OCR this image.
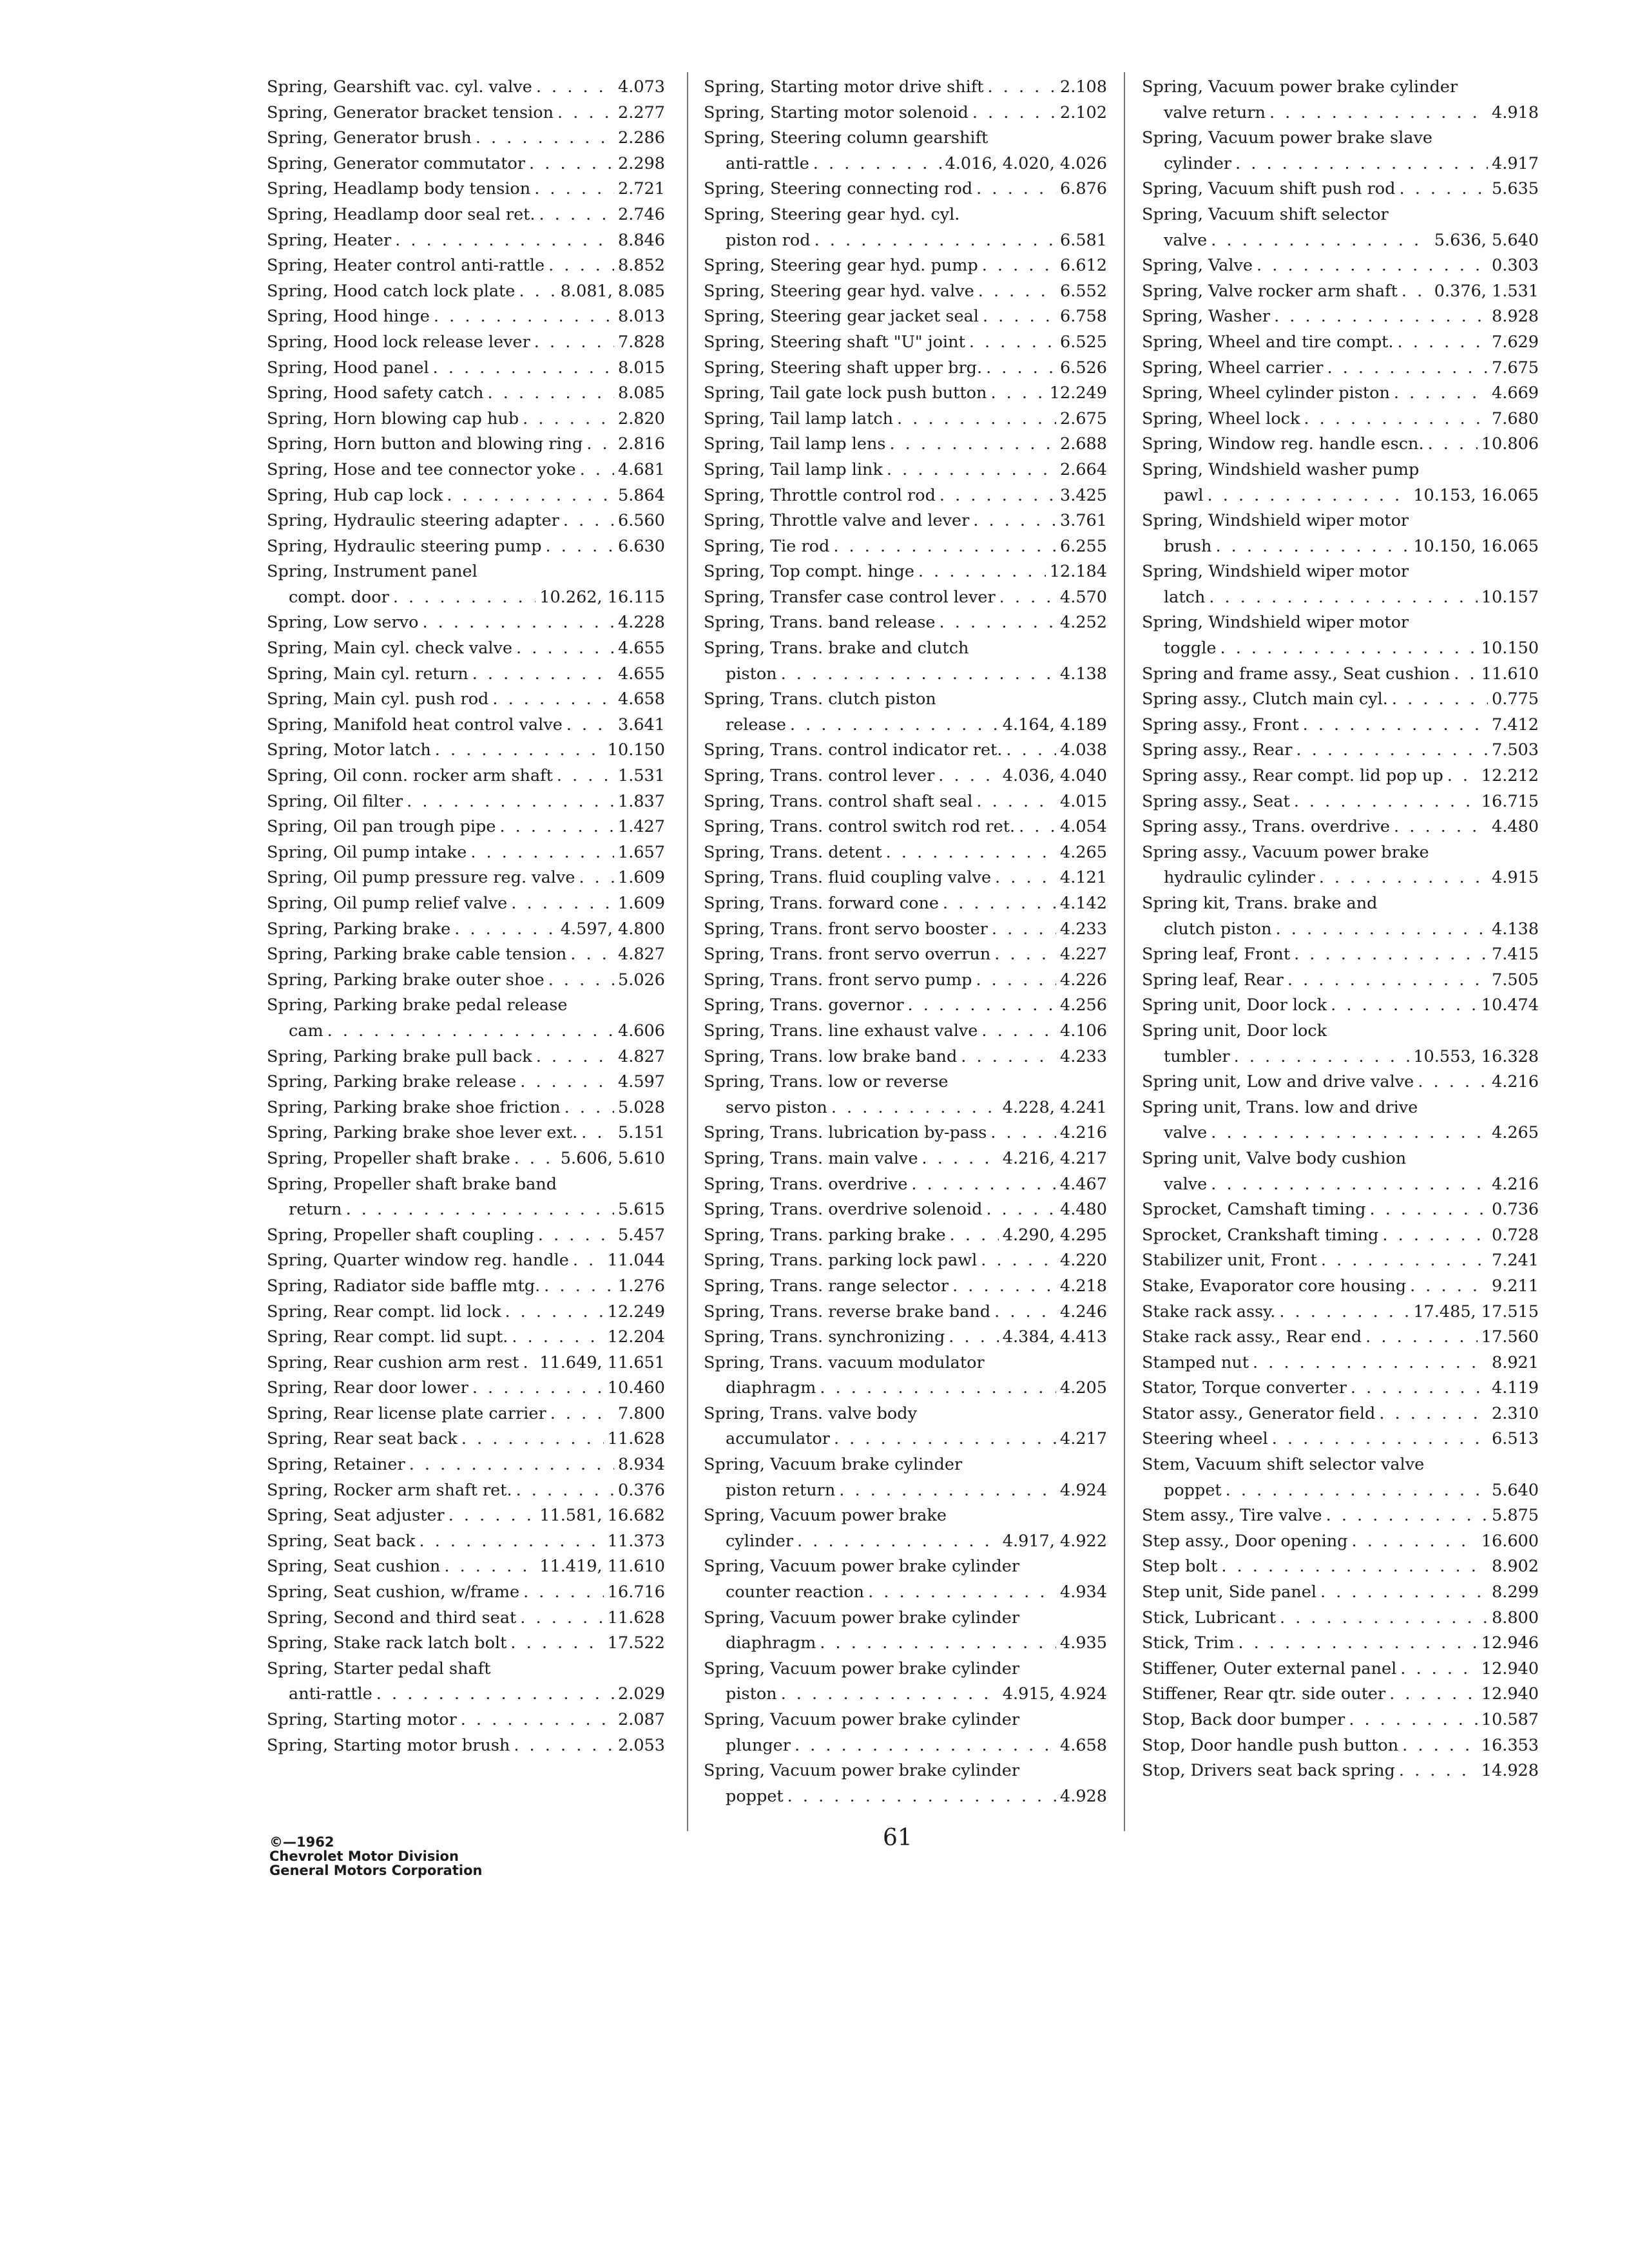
Spring, Gearshift vac. cyl. valve . . .	4.073
Spring, Generator bracket tension . . .	2.277
Spring, Generator brush . . .	2.286
Spring, Generator commutator . . .	2.298
Spring, Headlamp body tension . . .	2.721
Spring, Headlamp door seal ret. . . .	2.746
Spring, Heater . . .	8.846
Spring, Heater control anti-rattle . . .	8.852
Spring, Hood catch lock plate . . .	8.081, 8.085
Spring, Hood hinge . . .	8.013
Spring, Hood lock release lever . . .	7.828
Spring, Hood panel . . .	8.015
Spring, Hood safety catch . . .	8.085
Spring, Horn blowing cap hub . . .	2.820
Spring, Horn button and blowing ring . . . 2.816
Spring, Hose and tee connector yoke . . .	4.681
Spring, Hub cap lock . . .	5.864
Spring, Hydraulic steering adapter . . .	6.560
Spring, Hydraulic steering pump . . .	6.630
Spring, Instrument panel
compt. door . . .	10.262, 16.115
Spring, Low servo . . .	4.228
Spring, Main cyl. check valve . . .	4.655
Spring, Main cyl. return . . .	4.655
Spring, Main cyl. push rod . . .	4.658
Spring, Manifold heat control valve . . .	3.641
Spring, Motor latch . . .	10.150
Spring, Oil conn. rocker arm shaft . . .	1.531
Spring, Oil filter . . .	1.837
Spring, Oil pan trough pipe . . .	1.427
Spring, Oil pump intake . . .	1.657
Spring, Oil pump pressure reg. valve . . .	1.609
Spring, Oil pump relief valve . . .	1.609
Spring, Parking brake . . .	4.597, 4.800
Spring, Parking brake cable tension . . .	4.827
Spring, Parking brake outer shoe . . .	5.026
Spring, Parking brake pedal release
cam . . .	4.606
Spring, Parking brake pull back . . .	4.827
Spring, Parking brake release . . .	4.597
Spring, Parking brake shoe friction . . .	5.028
Spring, Parking brake shoe lever ext. . . . 5.151
Spring, Propeller shaft brake . . .	5.606, 5.610
Spring, Propeller shaft brake band
return . . .	5.615
Spring, Propeller shaft coupling . . .	5.457
Spring, Quarter window reg. handle . . . 11.044
Spring, Radiator side baffle mtg. . . .	1.276
Spring, Rear compt. lid lock . . .	12.249
Spring, Rear compt. lid supt. . . .	12.204
Spring, Rear cushion arm rest . . . 11.649, 11.651
Spring, Rear door lower . . .	10.460
Spring, Rear license plate carrier . . .	7.800
Spring, Rear seat back . . .	11.628
Spring, Retainer . . .	8.934
Spring, Rocker arm shaft ret. . . .	0.376
Spring, Seat adjuster . . .	11.581, 16.682
Spring, Seat back . . .	11.373
Spring, Seat cushion . . .	11.419, 11.610
Spring, Seat cushion, w/frame . . .	16.716
Spring, Second and third seat . . .	11.628
Spring, Stake rack latch bolt . . .	17.522
Spring, Starter pedal shaft
anti-rattle . . .	2.029
Spring, Starting motor . . .	2.087
Spring, Starting motor brush . . .	2.053
Spring, Starting motor drive shift . . .	2.108
Spring, Starting motor solenoid . . .	2.102
Spring, Steering column gearshift
anti-rattle . . .	4.016, 4.020, 4.026
Spring, Steering connecting rod . . .	6.876
Spring, Steering gear hyd. cyl.
piston rod . . .	6.581
Spring, Steering gear hyd. pump . . .	6.612
Spring, Steering gear hyd. valve . . .	6.552
Spring, Steering gear jacket seal . . .	6.758
Spring, Steering shaft "U" joint . . .	6.525
Spring, Steering shaft upper brg. . . .	6.526
Spring, Tail gate lock push button . . .	12.249
Spring, Tail lamp latch . . .	2.675
Spring, Tail lamp lens . . .	2.688
Spring, Tail lamp link . . .	2.664
Spring, Throttle control rod . . .	3.425
Spring, Throttle valve and lever . . .	3.761
Spring, Tie rod . . .	6.255
Spring, Top compt. hinge . . .	12.184
Spring, Transfer case control lever . . .	4.570
Spring, Trans. band release . . .	4.252
Spring, Trans. brake and clutch
piston . . .	4.138
Spring, Trans. clutch piston
release . . .	4.164, 4.189
Spring, Trans. control indicator ret. . . .	4.038
Spring, Trans. control lever . . .	4.036, 4.040
Spring, Trans. control shaft seal . . .	4.015
Spring, Trans. control switch rod ret. . . .	4.054
Spring, Trans. detent . . .	4.265
Spring, Trans. fluid coupling valve . . .	4.121
Spring, Trans. forward cone . . .	4.142
Spring, Trans. front servo booster . . .	4.233
Spring, Trans. front servo overrun . . .	4.227
Spring, Trans. front servo pump . . .	4.226
Spring, Trans. governor . . .	4.256
Spring, Trans. line exhaust valve . . .	4.106
Spring, Trans. low brake band . . .	4.233
Spring, Trans. low or reverse
servo piston . . .	4.228, 4.241
Spring, Trans. lubrication by-pass . . .	4.216
Spring, Trans. main valve . . .	4.216, 4.217
Spring, Trans. overdrive . . .	4.467
Spring, Trans. overdrive solenoid . . .	4.480
Spring, Trans. parking brake . . .	4.290, 4.295
Spring, Trans. parking lock pawl . . .	4.220
Spring, Trans. range selector . . .	4.218
Spring, Trans. reverse brake band . . .	4.246
Spring, Trans. synchronizing . . .	4.384, 4.413
Spring, Trans. vacuum modulator
diaphragm . . .	4.205
Spring, Trans. valve body
accumulator . . .	4.217
Spring, Vacuum brake cylinder
piston return . . .	4.924
Spring, Vacuum power brake
cylinder . . .	4.917, 4.922
Spring, Vacuum power brake cylinder
counter reaction . . .	4.934
Spring, Vacuum power brake cylinder
diaphragm . . .	4.935
Spring, Vacuum power brake cylinder
piston . . .	4.915, 4.924
Spring, Vacuum power brake cylinder
plunger . . .	4.658
Spring, Vacuum power brake cylinder
poppet . . .	4.928
Spring, Vacuum power brake cylinder
valve return . . .	4.918
Spring, Vacuum power brake slave
cylinder . . .	4.917
Spring, Vacuum shift push rod . . .	5.635
Spring, Vacuum shift selector
valve . . .	5.636, 5.640
Spring, Valve . . .	0.303
Spring, Valve rocker arm shaft . . . 0.376, 1.531
Spring, Washer . . .	8.928
Spring, Wheel and tire compt. . . .	7.629
Spring, Wheel carrier . . .	7.675
Spring, Wheel cylinder piston . . .	4.669
Spring, Wheel lock . . .	7.680
Spring, Window reg. handle escn. . . .	10.806
Spring, Windshield washer pump
pawl . . .	10.153, 16.065
Spring, Windshield wiper motor
brush . . .	10.150, 16.065
Spring, Windshield wiper motor
latch . . .	10.157
Spring, Windshield wiper motor
toggle . . .	10.150
Spring and frame assy., Seat cushion . . . 11.610
Spring assy., Clutch main cyl. . . .	0.775
Spring assy., Front . . .	7.412
Spring assy., Rear . . .	7.503
Spring assy., Rear compt. lid pop up . . . 12.212
Spring assy., Seat . . .	16.715
Spring assy., Trans. overdrive . . .	4.480
Spring assy., Vacuum power brake
hydraulic cylinder . . .	4.915
Spring kit, Trans. brake and
clutch piston . . .	4.138
Spring leaf, Front . . .	7.415
Spring leaf, Rear . . .	7.505
Spring unit, Door lock . . .	10.474
Spring unit, Door lock
tumbler . . .	10.553, 16.328
Spring unit, Low and drive valve . . .	4.216
Spring unit, Trans. low and drive
valve . . .	4.265
Spring unit, Valve body cushion
valve . . .	4.216
Sprocket, Camshaft timing . . .	0.736
Sprocket, Crankshaft timing . . .	0.728
Stabilizer unit, Front . . .	7.241
Stake, Evaporator core housing . . .	9.211
Stake rack assy. . . .	17.485, 17.515
Stake rack assy., Rear end . . .	17.560
Stamped nut . . .	8.921
Stator, Torque converter . . .	4.119
Stator assy., Generator field . . .	2.310
Steering wheel . . .	6.513
Stem, Vacuum shift selector valve
poppet . . .	5.640
Stem assy., Tire valve . . .	5.875
Step assy., Door opening . . .	16.600
Step bolt . . .	8.902
Step unit, Side panel . . .	8.299
Stick, Lubricant . . .	8.800
Stick, Trim . . .	12.946
Stiffener, Outer external panel . . .	12.940
Stiffener, Rear qtr. side outer . . .	12.940
Stop, Back door bumper . . .	10.587
Stop, Door handle push button . . .	16.353
Stop, Drivers seat back spring . . .	14.928
©—1962
Chevrolet Motor Division
General Motors Corporation
61
